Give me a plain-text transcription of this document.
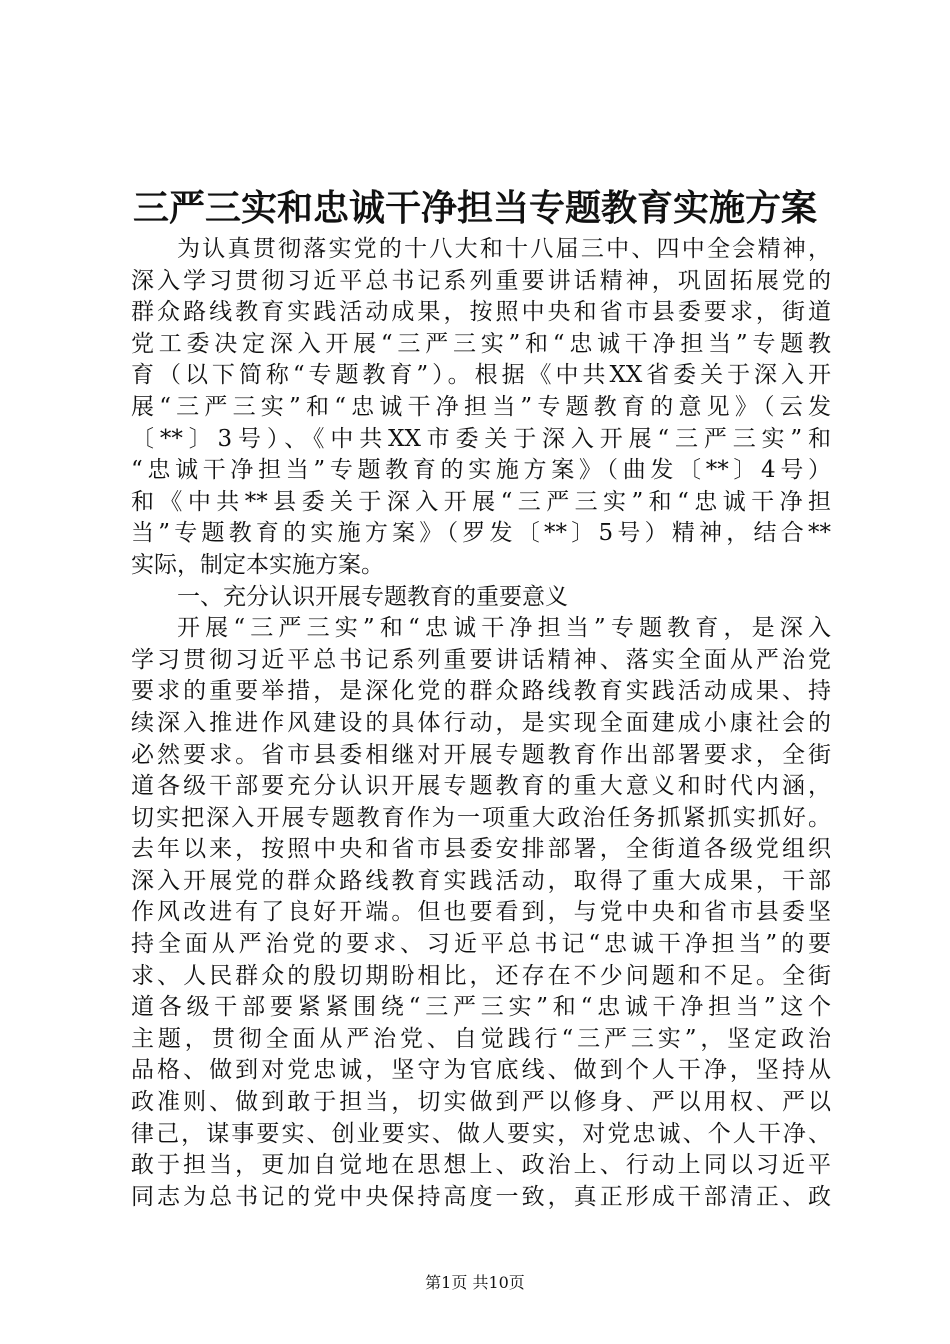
三严三实和忠诚干净担当专题教育实施方案
为认真贯彻落实党的十八大和十八届三中、四中全会精神，
深入学习贯彻习近平总书记系列重要讲话精神，巩固拓展党的
群众路线教育实践活动成果，按照中央和省市县委要求，街道
党工委决定深入开展“三严三实”和“忠诚干净担当”专题教
育（以下简称“专题教育”）。根据《中共XX省委关于深入开
展“三严三实”和“忠诚干净担当”专题教育的意见》（云发
〔**〕3号）、《中共XX市委关于深入开展“三严三实”和
“忠诚干净担当”专题教育的实施方案》（曲发〔**〕4号）
和《中共**县委关于深入开展“三严三实”和“忠诚干净担
当”专题教育的实施方案》（罗发〔**〕5号）精神，结合**
实际，制定本实施方案。
一、充分认识开展专题教育的重要意义
开展“三严三实”和“忠诚干净担当”专题教育，是深入
学习贯彻习近平总书记系列重要讲话精神、落实全面从严治党
要求的重要举措，是深化党的群众路线教育实践活动成果、持
续深入推进作风建设的具体行动，是实现全面建成小康社会的
必然要求。省市县委相继对开展专题教育作出部署要求，全街
道各级干部要充分认识开展专题教育的重大意义和时代内涵，
切实把深入开展专题教育作为一项重大政治任务抓紧抓实抓好。
去年以来，按照中央和省市县委安排部署，全街道各级党组织
深入开展党的群众路线教育实践活动，取得了重大成果，干部
作风改进有了良好开端。但也要看到，与党中央和省市县委坚
持全面从严治党的要求、习近平总书记“忠诚干净担当”的要
求、人民群众的殷切期盼相比，还存在不少问题和不足。全街
道各级干部要紧紧围绕“三严三实”和“忠诚干净担当”这个
主题，贯彻全面从严治党、自觉践行“三严三实”，坚定政治
品格、做到对党忠诚，坚守为官底线、做到个人干净，坚持从
政准则、做到敢于担当，切实做到严以修身、严以用权、严以
律己，谋事要实、创业要实、做人要实，对党忠诚、个人干净、
敢于担当，更加自觉地在思想上、政治上、行动上同以习近平
同志为总书记的党中央保持高度一致，真正形成干部清正、政
第1页 共10页
